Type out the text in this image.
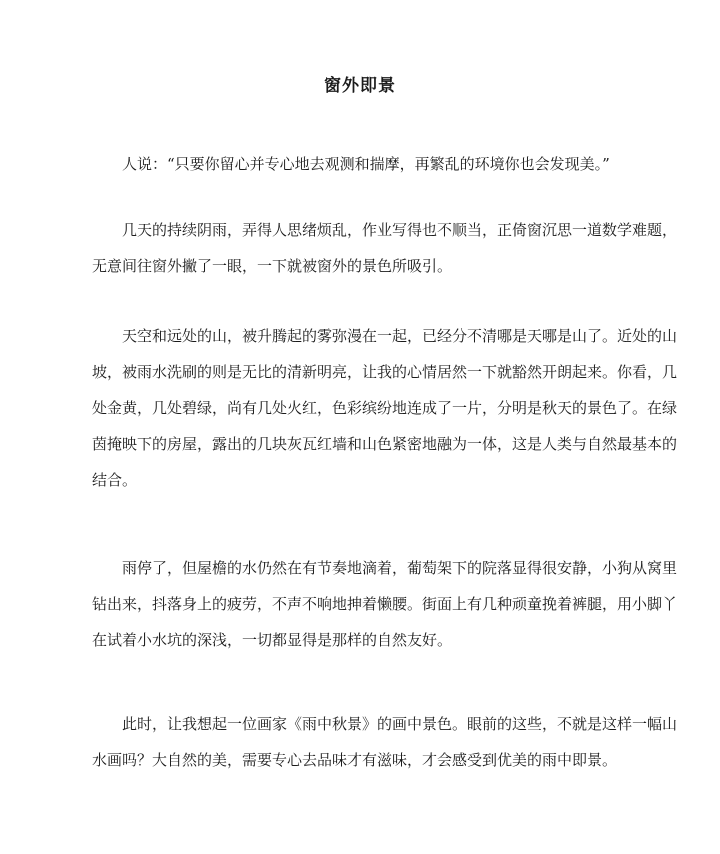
窗外即景
人说：“只要你留心并专心地去观测和揣摩，再繁乱的环境你也会发现美。”
几天的持续阴雨，弄得人思绪烦乱，作业写得也不顺当，正倚窗沉思一道数学难题，
无意间往窗外撇了一眼，一下就被窗外的景色所吸引。
天空和远处的山，被升腾起的雾弥漫在一起，已经分不清哪是天哪是山了。近处的山
坡，被雨水洗刷的则是无比的清新明亮，让我的心情居然一下就豁然开朗起来。你看，几
处金黄，几处碧绿，尚有几处火红，色彩缤纷地连成了一片，分明是秋天的景色了。在绿
茵掩映下的房屋，露出的几块灰瓦红墙和山色紧密地融为一体，这是人类与自然最基本的
结合。
雨停了，但屋檐的水仍然在有节奏地滴着，葡萄架下的院落显得很安静，小狗从窝里
钻出来，抖落身上的疲劳，不声不响地抻着懒腰。街面上有几种顽童挽着裤腿，用小脚丫
在试着小水坑的深浅，一切都显得是那样的自然友好。
此时，让我想起一位画家《雨中秋景》的画中景色。眼前的这些，不就是这样一幅山
水画吗？大自然的美，需要专心去品味才有滋味，才会感受到优美的雨中即景。
